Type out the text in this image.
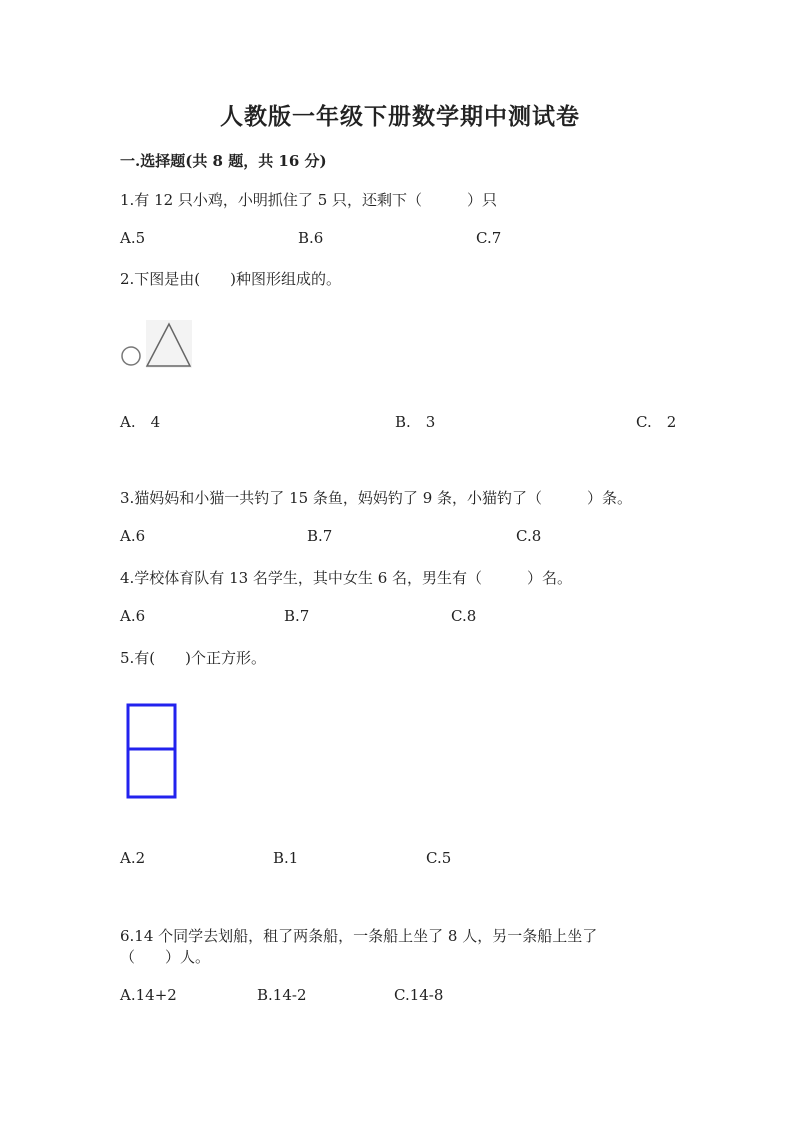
人教版一年级下册数学期中测试卷
一.选择题(共 8 题，共 16 分)
1.有 12 只小鸡，小明抓住了 5 只，还剩下（　　　）只
A.5	B.6	C.7
2.下图是由(　　)种图形组成的。
A.　4	B.　3	C.　2
3.猫妈妈和小猫一共钓了 15 条鱼，妈妈钓了 9 条，小猫钓了（　　　）条。
A.6	B.7	C.8
4.学校体育队有 13 名学生，其中女生 6 名，男生有（　　　）名。
A.6	B.7	C.8
5.有(　　)个正方形。
A.2	B.1	C.5
6.14 个同学去划船，租了两条船，一条船上坐了 8 人，另一条船上坐了
（　　）人。
A.14+2	B.14-2	C.14-8
